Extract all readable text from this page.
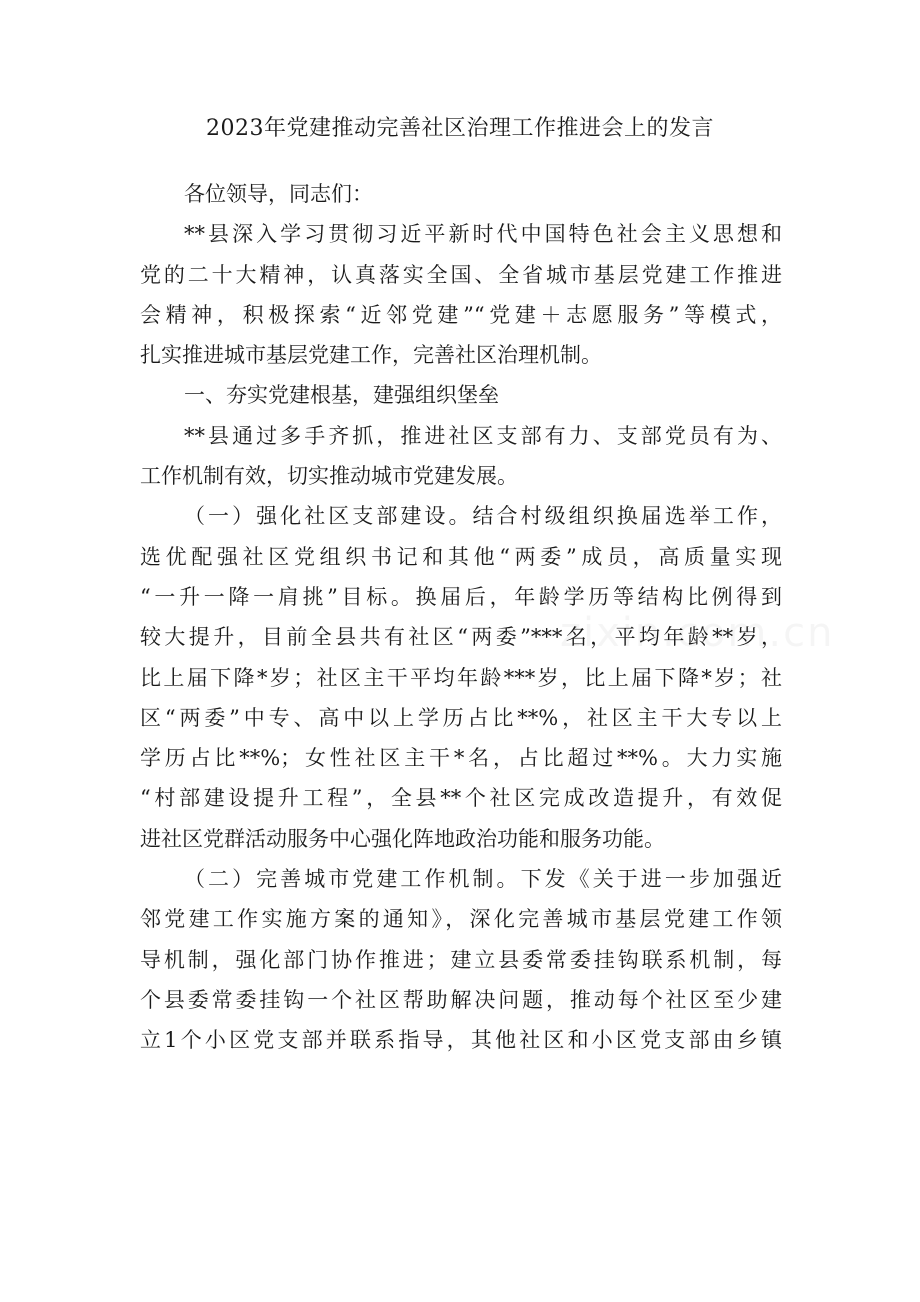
2023年党建推动完善社区治理工作推进会上的发言
各位领导，同志们：
**县深入学习贯彻习近平新时代中国特色社会主义思想和
党的二十大精神，认真落实全国、全省城市基层党建工作推进
会精神，积极探索“近邻党建”“党建＋志愿服务”等模式，
扎实推进城市基层党建工作，完善社区治理机制。
一、夯实党建根基，建强组织堡垒
**县通过多手齐抓，推进社区支部有力、支部党员有为、
工作机制有效，切实推动城市党建发展。
（一）强化社区支部建设。结合村级组织换届选举工作，
选优配强社区党组织书记和其他“两委”成员，高质量实现
“一升一降一肩挑”目标。换届后，年龄学历等结构比例得到
较大提升，目前全县共有社区“两委”***名，平均年龄**岁，
比上届下降*岁；社区主干平均年龄***岁，比上届下降*岁；社
区“两委”中专、高中以上学历占比**%，社区主干大专以上
学历占比**%；女性社区主干*名，占比超过**%。大力实施
“村部建设提升工程”，全县**个社区完成改造提升，有效促
进社区党群活动服务中心强化阵地政治功能和服务功能。
（二）完善城市党建工作机制。下发《关于进一步加强近
邻党建工作实施方案的通知》，深化完善城市基层党建工作领
导机制，强化部门协作推进；建立县委常委挂钩联系机制，每
个县委常委挂钩一个社区帮助解决问题，推动每个社区至少建
立1个小区党支部并联系指导，其他社区和小区党支部由乡镇
